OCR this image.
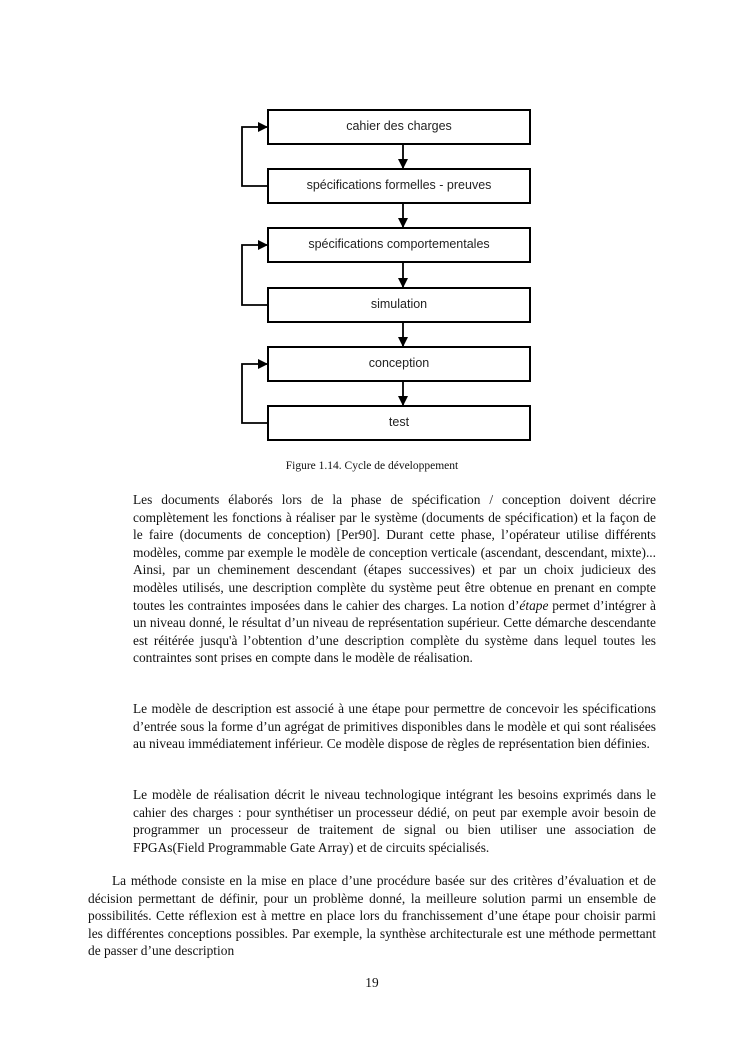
cahier des charges
spécifications formelles - preuves
spécifications comportementales
simulation
conception
test
Figure 1.14. Cycle de développement

Les documents élaborés lors de la phase de spécification / conception doivent décrire complètement les fonctions à réaliser par le système (documents de spécification) et la façon de le faire (documents de conception) [Per90]. Durant cette phase, l’opérateur utilise différents modèles, comme par exemple le modèle de conception verticale (ascendant, descendant, mixte)... Ainsi, par un cheminement descendant (étapes successives) et par un choix judicieux des modèles utilisés, une description complète du système peut être obtenue en prenant en compte toutes les contraintes imposées dans le cahier des charges. La notion d’étape permet d’intégrer à un niveau donné, le résultat d’un niveau de représentation supérieur. Cette démarche descendante est réitérée jusqu'à l’obtention d’une description complète du système dans lequel toutes les contraintes sont prises en compte dans le modèle de réalisation.

Le modèle de description est associé à une étape pour permettre de concevoir les spécifications d’entrée sous la forme d’un agrégat de primitives disponibles dans le modèle et qui sont réalisées au niveau immédiatement inférieur. Ce modèle dispose de règles de représentation bien définies.

Le modèle de réalisation décrit le niveau technologique intégrant les besoins exprimés dans le cahier des charges : pour synthétiser un processeur dédié, on peut par exemple avoir besoin de programmer un processeur de traitement de signal ou bien utiliser une association de FPGAs(Field Programmable Gate Array) et de circuits spécialisés.

La méthode consiste en la mise en place d’une procédure basée sur des critères d’évaluation et de décision permettant de définir, pour un problème donné, la meilleure solution parmi un ensemble de possibilités. Cette réflexion est à mettre en place lors du franchissement d’une étape pour choisir parmi les différentes conceptions possibles. Par exemple, la synthèse architecturale est une méthode permettant de passer d’une description

19
